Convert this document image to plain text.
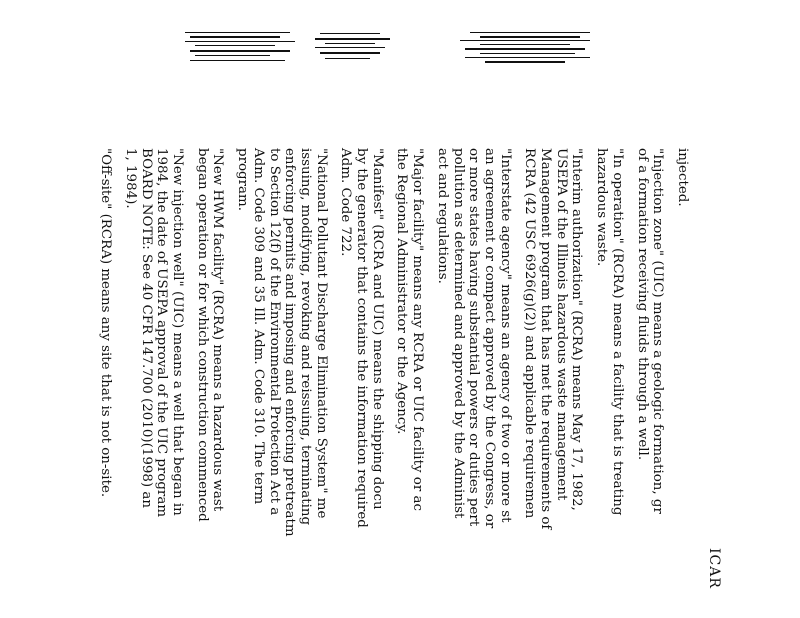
ICAR
injected.
"Injection zone" (UIC) means a geologic formation, gr
of a formation receiving fluids through a well.
"In operation" (RCRA) means a facility that is treating
hazardous waste.
"Interim authorization" (RCRA) means May 17, 1982,
USEPA of the Illinois hazardous waste management
Management program that has met the requirements of
RCRA (42 USC 6926(g)(2)) and applicable requiremen
"Interstate agency" means an agency of two or more st
an agreement or compact approved by the Congress, or
or more states having substantial powers or duties pert
pollution as determined and approved by the Administ
act and regulations.
"Major facility" means any RCRA or UIC facility or ac
the Regional Administrator or the Agency.
"Manifest" (RCRA and UIC) means the shipping docu
by the generator that contains the information required
Adm. Code 722.
"National Pollutant Discharge Elimination System" me
issuing, modifying, revoking and reissuing, terminating
enforcing permits and imposing and enforcing pretreatm
to Section 12(f) of the Environmental Protection Act a
Adm. Code 309 and 35 Ill. Adm. Code 310. The term
program.
"New HWM facility" (RCRA) means a hazardous wast
began operation or for which construction commenced
"New injection well" (UIC) means a well that began in
1984, the date of USEPA approval of the UIC program
BOARD NOTE: See 40 CFR 147.700 (2010)(1998) an
1, 1984).
"Off-site" (RCRA) means any site that is not on-site.
